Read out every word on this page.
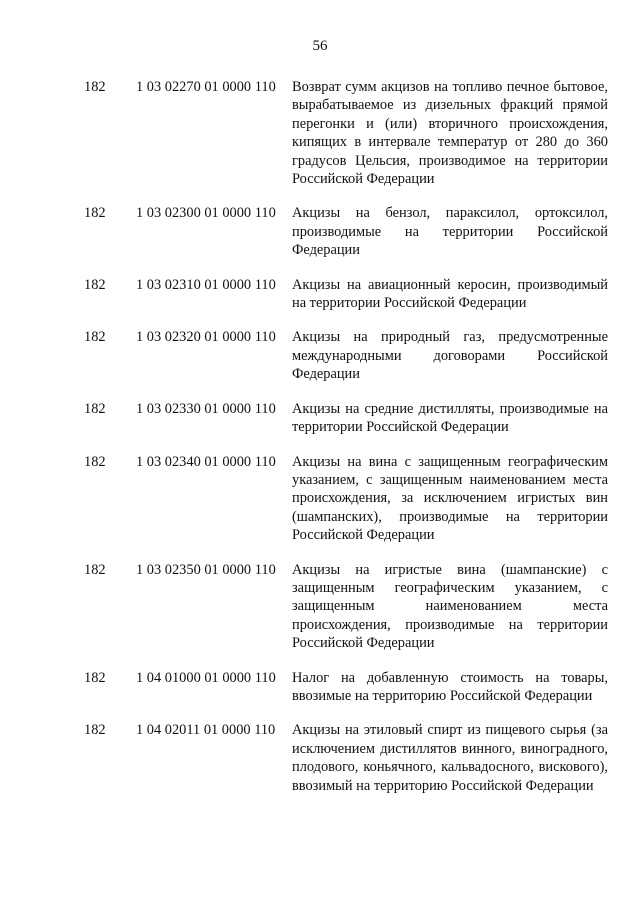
56
182	1 03 02270 01 0000 110	Возврат сумм акцизов на топливо печное бытовое, вырабатываемое из дизельных фракций прямой перегонки и (или) вторичного происхождения, кипящих в интервале температур от 280 до 360 градусов Цельсия, производимое на территории Российской Федерации
182	1 03 02300 01 0000 110	Акцизы на бензол, параксилол, ортоксилол, производимые на территории Российской Федерации
182	1 03 02310 01 0000 110	Акцизы на авиационный керосин, производимый на территории Российской Федерации
182	1 03 02320 01 0000 110	Акцизы на природный газ, предусмотренные международными договорами Российской Федерации
182	1 03 02330 01 0000 110	Акцизы на средние дистилляты, производимые на территории Российской Федерации
182	1 03 02340 01 0000 110	Акцизы на вина с защищенным географическим указанием, с защищенным наименованием места происхождения, за исключением игристых вин (шампанских), производимые на территории Российской Федерации
182	1 03 02350 01 0000 110	Акцизы на игристые вина (шампанские) с защищенным географическим указанием, с защищенным наименованием места происхождения, производимые на территории Российской Федерации
182	1 04 01000 01 0000 110	Налог на добавленную стоимость на товары, ввозимые на территорию Российской Федерации
182	1 04 02011 01 0000 110	Акцизы на этиловый спирт из пищевого сырья (за исключением дистиллятов винного, виноградного, плодового, коньячного, кальвадосного, вискового), ввозимый на территорию Российской Федерации
